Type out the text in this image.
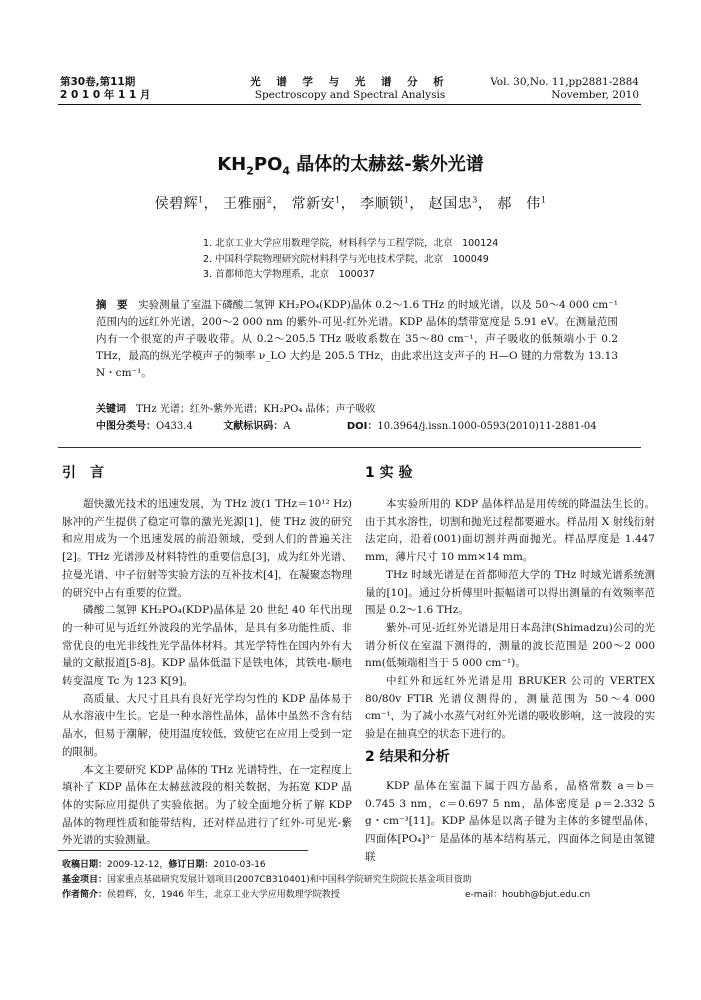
第30卷,第11期
2 0 1 0 年 1 1 月
光 谱 学 与 光 谱 分 析
Spectroscopy and Spectral Analysis
Vol. 30,No. 11,pp2881-2884
November, 2010
$KH_2PO_4$ 晶体的太赫兹-紫外光谱
侯碧辉$^1$， 王雅丽$^2$， 常新安$^1$， 李顺锁$^1$， 赵国忠$^3$， 郝　伟$^1$
1. 北京工业大学应用数理学院，材料科学与工程学院，北京　100124
2. 中国科学院物理研究院材料科学与光电技术学院，北京　100049
3. 首都师范大学物理系，北京　100037
摘　要　 实验测量了室温下磷酸二氢钾 KH₂PO₄(KDP)晶体 0.2～1.6 THz 的时域光谱，以及 50～4 000 cm⁻¹范围内的远红外光谱，200～2 000 nm 的紫外-可见-红外光谱。KDP 晶体的禁带宽度是 5.91 eV。在测量范围内有一个很宽的声子吸收带。从 0.2～205.5 THz 吸收系数在 35～80 cm⁻¹，声子吸收的低频端小于 0.2 THz，最高的纵光学模声子的频率 ν_LO 大约是 205.5 THz，由此求出这支声子的 H—O 键的力常数为 13.13 N・cm⁻¹。
关键词　 THz 光谱；红外-紫外光谱；KH₂PO₄ 晶体；声子吸收
中图分类号：O433.4	文献标识码：A	DOI：10.3964/j.issn.1000-0593(2010)11-2881-04
引言	1 实 验

超快激光技术的迅速发展，为 THz 波(1 THz＝10¹² Hz)脉冲的产生提供了稳定可靠的激光光源[1]，使 THz 波的研究和应用成为一个迅速发展的前沿领域，受到人们的普遍关注[2]。THz 光谱涉及材料特性的重要信息[3]，成为红外光谱、拉曼光谱、中子衍射等实验方法的互补技术[4]，在凝聚态物理的研究中占有重要的位置。

磷酸二氢钾 KH₂PO₄(KDP)晶体是 20 世纪 40 年代出现的一种可见与近红外波段的光学晶体，是具有多功能性质、非常优良的电光非线性光学晶体材料。其光学特性在国内外有大量的文献报道[5-8]。KDP 晶体低温下是铁电体，其铁电-顺电转变温度 Tc 为 123 K[9]。

高质量、大尺寸且具有良好光学均匀性的 KDP 晶体易于从水溶液中生长。它是一种水溶性晶体，晶体中虽然不含有结晶水，但易于潮解，使用温度较低，致使它在应用上受到一定的限制。

本文主要研究 KDP 晶体的 THz 光谱特性，在一定程度上填补了 KDP 晶体在太赫兹波段的相关数据，为拓宽 KDP 晶体的实际应用提供了实验依据。为了较全面地分析了解 KDP 晶体的物理性质和能带结构，还对样品进行了红外-可见光-紫外光谱的实验测量。

本实验所用的 KDP 晶体样品是用传统的降温法生长的。由于其水溶性，切割和抛光过程都要避水。样品用 X 射线衍射法定向，沿着(001)面切割并两面抛光。样品厚度是 1.447 mm，薄片尺寸 10 mm×14 mm。

THz 时域光谱是在首都师范大学的 THz 时域光谱系统测量的[10]。通过分析傅里叶振幅谱可以得出测量的有效频率范围是 0.2～1.6 THz。

紫外-可见-近红外光谱是用日本岛津(Shimadzu)公司的光谱分析仪在室温下测得的，测量的波长范围是 200～2 000 nm(低频端相当于 5 000 cm⁻¹)。

中红外和远红外光谱是用 BRUKER 公司的 VERTEX 80/80v FTIR 光谱仪测得的，测量范围为 50～4 000 cm⁻¹，为了减小水蒸气对红外光谱的吸收影响，这一波段的实验是在抽真空的状态下进行的。

2 结果和分析

KDP 晶体在室温下属于四方晶系，晶格常数 a＝b＝0.745 3 nm，c＝0.697 5 nm，晶体密度是 ρ＝2.332 5 g・cm⁻³[11]。KDP 晶体是以离子键为主体的多键型晶体，四面体[PO₄]³⁻ 是晶体的基本结构基元，四面体之间是由氢键联

收稿日期：2009-12-12，修订日期：2010-03-16
基金项目：国家重点基础研究发展计划项目(2007CB310401)和中国科学院研究生院院长基金项目资助
作者简介：侯碧辉，女，1946 年生，北京工业大学应用数理学院教授	e-mail：houbh@bjut.edu.cn
